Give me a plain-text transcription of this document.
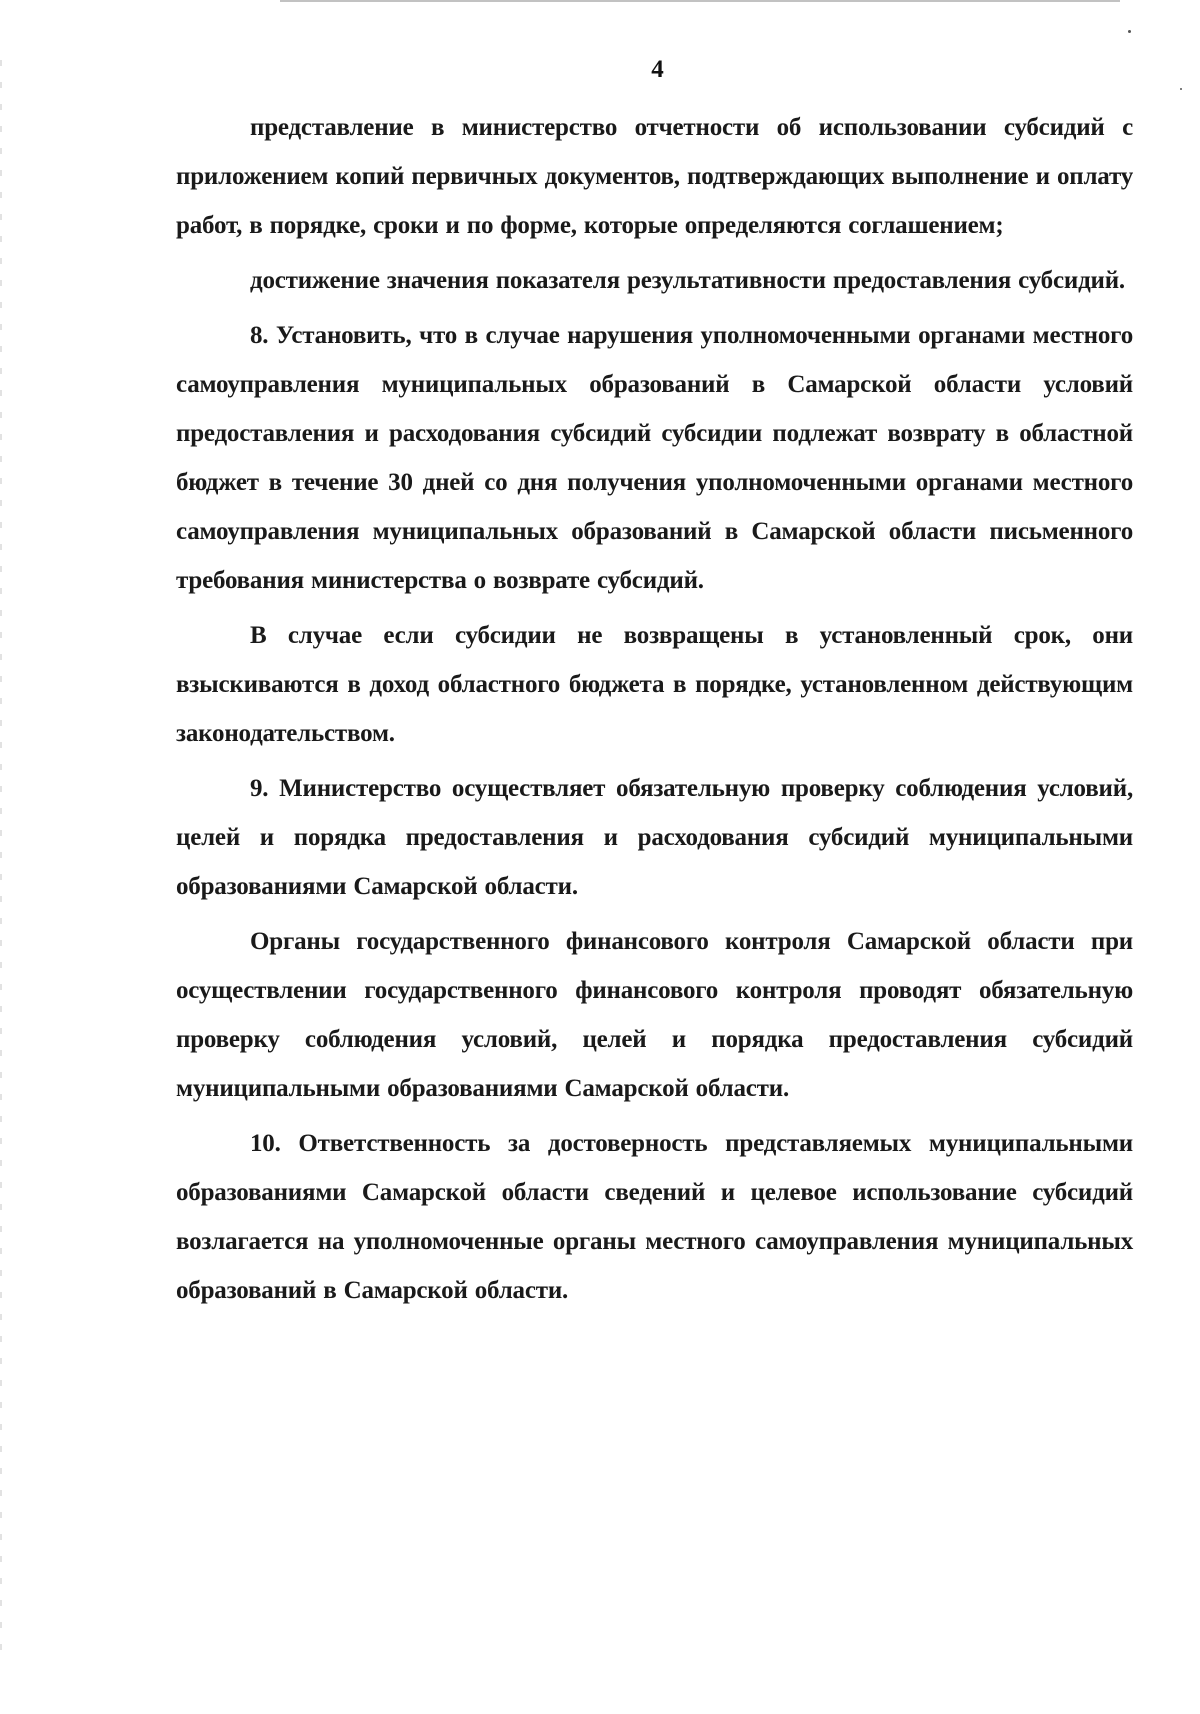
4

представление в министерство отчетности об использовании субсидий с приложением копий первичных документов, подтверждающих выполнение и оплату работ, в порядке, сроки и по форме, которые определяются соглашением;

достижение значения показателя результативности предоставления субсидий.

8. Установить, что в случае нарушения уполномоченными органами местного самоуправления муниципальных образований в Самарской области условий предоставления и расходования субсидий субсидии подлежат возврату в областной бюджет в течение 30 дней со дня получения уполномоченными органами местного самоуправления муниципальных образований в Самарской области письменного требования министерства о возврате субсидий.

В случае если субсидии не возвращены в установленный срок, они взыскиваются в доход областного бюджета в порядке, установленном действующим законодательством.

9. Министерство осуществляет обязательную проверку соблюдения условий, целей и порядка предоставления и расходования субсидий муниципальными образованиями Самарской области.

Органы государственного финансового контроля Самарской области при осуществлении государственного финансового контроля проводят обязательную проверку соблюдения условий, целей и порядка предоставления субсидий муниципальными образованиями Самарской области.

10. Ответственность за достоверность представляемых муниципальными образованиями Самарской области сведений и целевое использование субсидий возлагается на уполномоченные органы местного самоуправления муниципальных образований в Самарской области.
